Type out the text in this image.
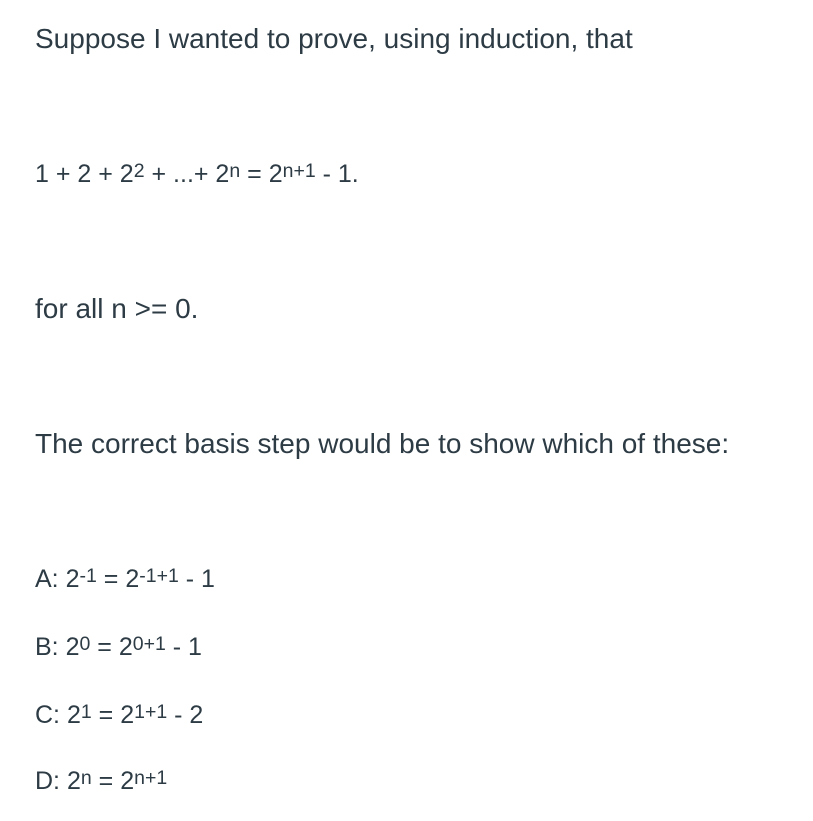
Suppose I wanted to prove, using induction, that

$1 + 2 + 2^2$ + ...+ $2^n = 2^{n+1} - 1$.

for all n >= 0.

The correct basis step would be to show which of these:

A: $2^{-1} = 2^{-1+1} - 1$

B: $2^0 = 2^{0+1} - 1$

C: $2^1 = 2^{1+1} - 2$

D: $2^n = 2^{n+1}$
